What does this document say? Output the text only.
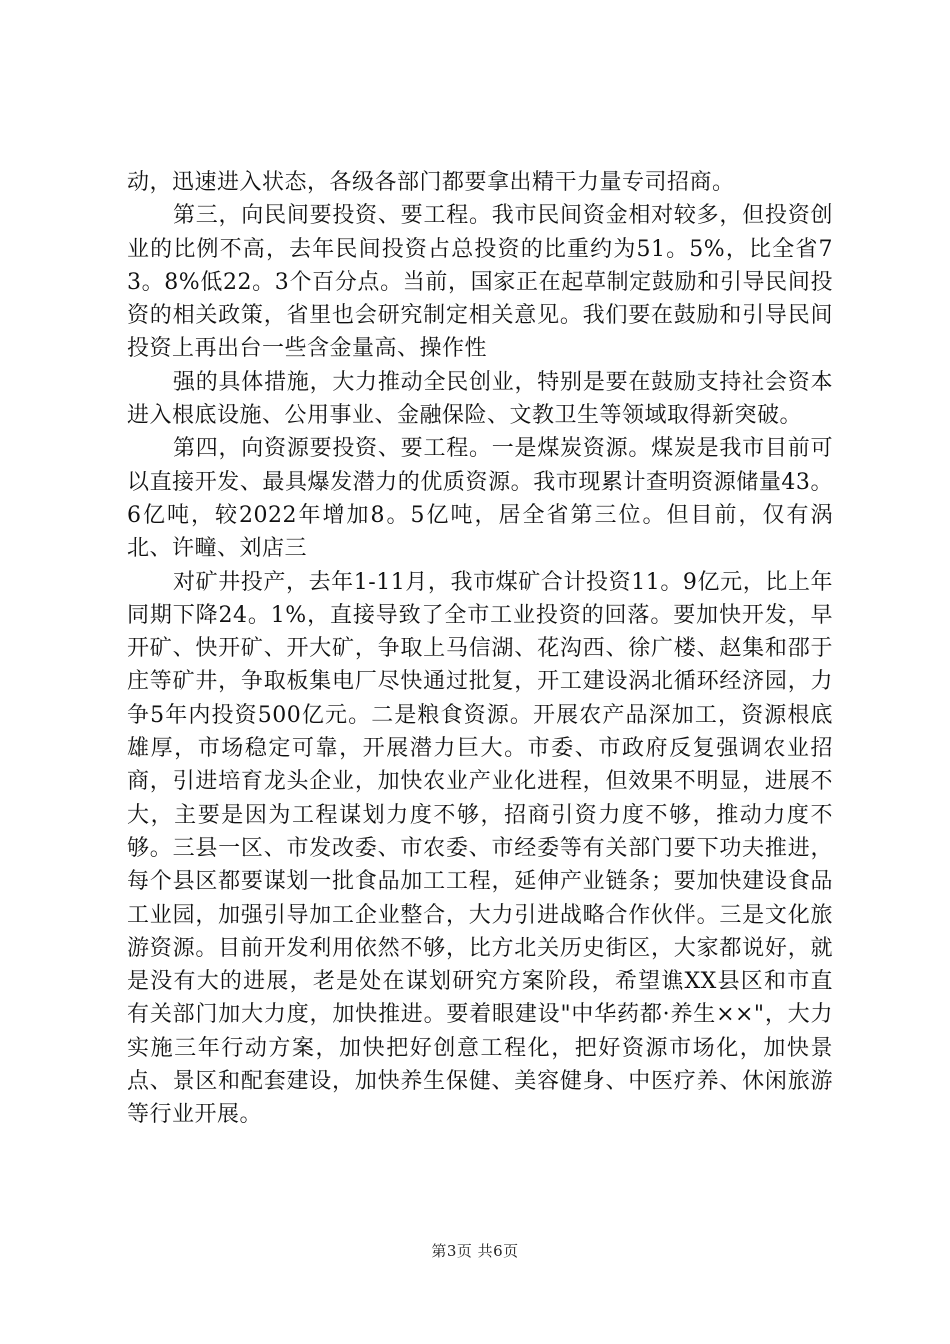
动，迅速进入状态，各级各部门都要拿出精干力量专司招商。

第三，向民间要投资、要工程。我市民间资金相对较多，但投资创业的比例不高，去年民间投资占总投资的比重约为51。5%，比全省73。8%低22。3个百分点。当前，国家正在起草制定鼓励和引导民间投资的相关政策，省里也会研究制定相关意见。我们要在鼓励和引导民间投资上再出台一些含金量高、操作性

强的具体措施，大力推动全民创业，特别是要在鼓励支持社会资本进入根底设施、公用事业、金融保险、文教卫生等领域取得新突破。

第四，向资源要投资、要工程。一是煤炭资源。煤炭是我市目前可以直接开发、最具爆发潜力的优质资源。我市现累计查明资源储量43。6亿吨，较2022年增加8。5亿吨，居全省第三位。但目前，仅有涡北、许疃、刘店三

对矿井投产，去年1-11月，我市煤矿合计投资11。9亿元，比上年同期下降24。1%，直接导致了全市工业投资的回落。要加快开发，早开矿、快开矿、开大矿，争取上马信湖、花沟西、徐广楼、赵集和邵于庄等矿井，争取板集电厂尽快通过批复，开工建设涡北循环经济园，力争5年内投资500亿元。二是粮食资源。开展农产品深加工，资源根底雄厚，市场稳定可靠，开展潜力巨大。市委、市政府反复强调农业招商，引进培育龙头企业，加快农业产业化进程，但效果不明显，进展不大，主要是因为工程谋划力度不够，招商引资力度不够，推动力度不够。三县一区、市发改委、市农委、市经委等有关部门要下功夫推进，每个县区都要谋划一批食品加工工程，延伸产业链条；要加快建设食品工业园，加强引导加工企业整合，大力引进战略合作伙伴。三是文化旅游资源。目前开发利用依然不够，比方北关历史街区，大家都说好，就是没有大的进展，老是处在谋划研究方案阶段，希望谯XX县区和市直有关部门加大力度，加快推进。要着眼建设"中华药都·养生××"，大力实施三年行动方案，加快把好创意工程化，把好资源市场化，加快景点、景区和配套建设，加快养生保健、美容健身、中医疗养、休闲旅游等行业开展。

第3页 共6页
